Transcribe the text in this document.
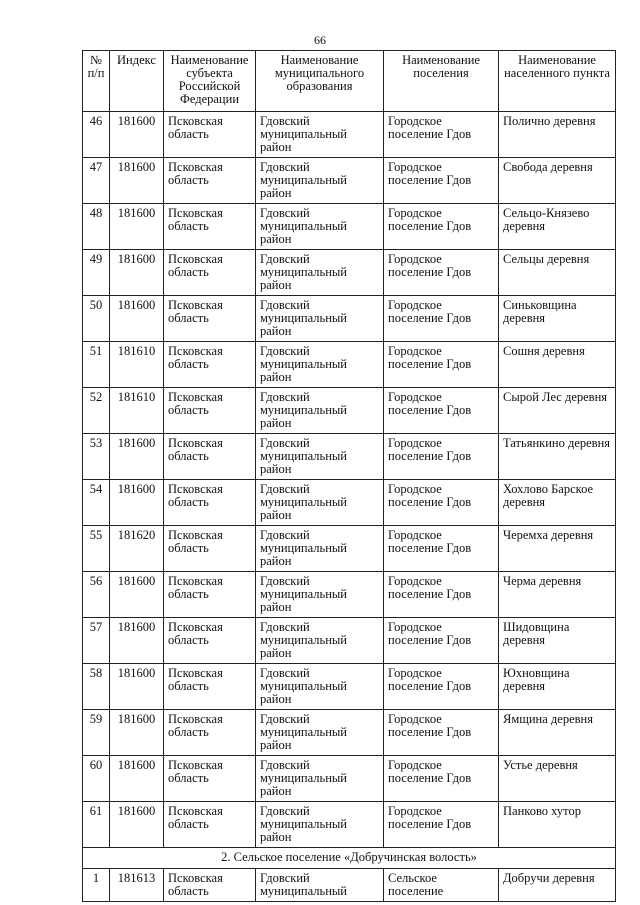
66
№ п/п	Индекс	Наименование субъекта Российской Федерации	Наименование муниципального образования	Наименование поселения	Наименование населенного пункта
46	181600	Псковская область	Гдовский муниципальный район	Городское поселение Гдов	Полично деревня
47	181600	Псковская область	Гдовский муниципальный район	Городское поселение Гдов	Свобода деревня
48	181600	Псковская область	Гдовский муниципальный район	Городское поселение Гдов	Сельцо-Князево деревня
49	181600	Псковская область	Гдовский муниципальный район	Городское поселение Гдов	Сельцы деревня
50	181600	Псковская область	Гдовский муниципальный район	Городское поселение Гдов	Синьковщина деревня
51	181610	Псковская область	Гдовский муниципальный район	Городское поселение Гдов	Сошня деревня
52	181610	Псковская область	Гдовский муниципальный район	Городское поселение Гдов	Сырой Лес деревня
53	181600	Псковская область	Гдовский муниципальный район	Городское поселение Гдов	Татьянкино деревня
54	181600	Псковская область	Гдовский муниципальный район	Городское поселение Гдов	Хохлово Барское деревня
55	181620	Псковская область	Гдовский муниципальный район	Городское поселение Гдов	Черемха деревня
56	181600	Псковская область	Гдовский муниципальный район	Городское поселение Гдов	Черма деревня
57	181600	Псковская область	Гдовский муниципальный район	Городское поселение Гдов	Шидовщина деревня
58	181600	Псковская область	Гдовский муниципальный район	Городское поселение Гдов	Юхновщина деревня
59	181600	Псковская область	Гдовский муниципальный район	Городское поселение Гдов	Ямщина деревня
60	181600	Псковская область	Гдовский муниципальный район	Городское поселение Гдов	Устье деревня
61	181600	Псковская область	Гдовский муниципальный район	Городское поселение Гдов	Панково хутор
2. Сельское поселение «Добручинская волость»					
1	181613	Псковская область	Гдовский муниципальный	Сельское поселение	Добручи деревня
